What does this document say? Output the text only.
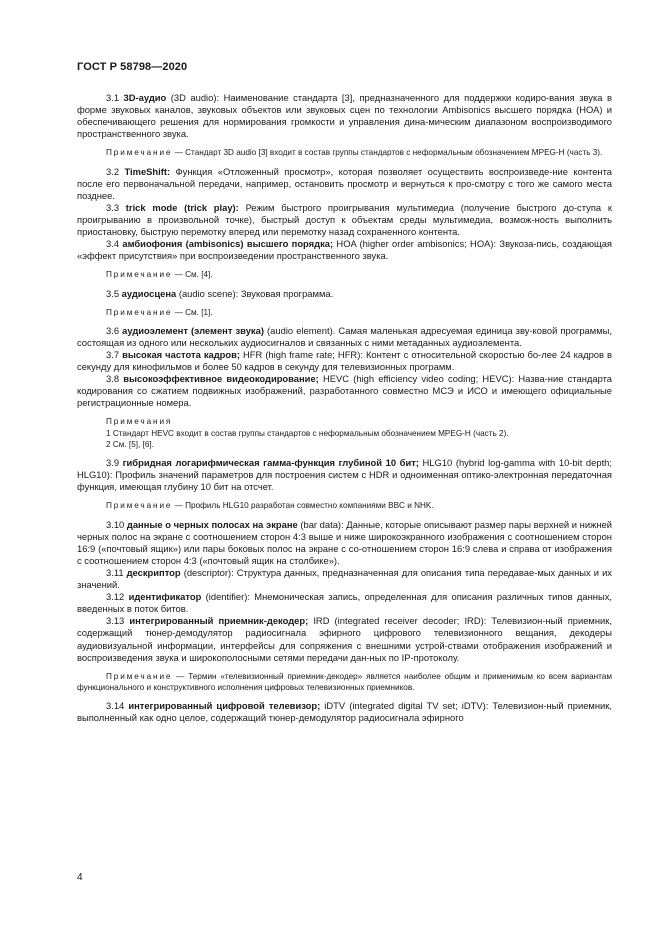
ГОСТ Р 58798—2020

3.1 3D-аудио (3D audio): Наименование стандарта [3], предназначенного для поддержки кодиро-вания звука в форме звуковых каналов, звуковых объектов или звуковых сцен по технологии Ambisonics высшего порядка (НОА) и обеспечивающего решения для нормирования громкости и управления дина-мическим диапазоном воспроизводимого пространственного звука.

Примечание — Стандарт 3D audio [3] входит в состав группы стандартов с неформальным обозначением MPEG-H (часть 3).

3.2 TimeShift: Функция «Отложенный просмотр», которая позволяет осуществить воспроизведе-ние контента после его первоначальной передачи, например, остановить просмотр и вернуться к про-смотру с того же самого места позднее.

3.3 trick mode (trick play): Режим быстрого проигрывания мультимедиа (получение быстрого до-ступа к проигрыванию в произвольной точке), быстрый доступ к объектам среды мультимедиа, возмож-ность выполнить приостановку, быструю перемотку вперед или перемотку назад сохраненного контента.

3.4 амбиофония (ambisonics) высшего порядка; HOA (higher order ambisonics; HOA): Звукоза-пись, создающая «эффект присутствия» при воспроизведении пространственного звука.

Примечание — См. [4].

3.5 аудиосцена (audio scene): Звуковая программа.

Примечание — См. [1].

3.6 аудиоэлемент (элемент звука) (audio element). Самая маленькая адресуемая единица зву-ковой программы, состоящая из одного или нескольких аудиосигналов и связанных с ними метаданных аудиоэлемента.

3.7 высокая частота кадров; HFR (high frame rate; HFR): Контент с относительной скоростью бо-лее 24 кадров в секунду для кинофильмов и более 50 кадров в секунду для телевизионных программ.

3.8 высокоэффективное видеокодирование; HEVC (high efficiency video coding; HEVC): Назва-ние стандарта кодирования со сжатием подвижных изображений, разработанного совместно МСЭ и ИСО и имеющего официальные регистрационные номера.

Примечания

1 Стандарт HEVC входит в состав группы стандартов с неформальным обозначением MPEG-H (часть 2).

2 См. [5], [6].

3.9 гибридная логарифмическая гамма-функция глубиной 10 бит; HLG10 (hybrid log-gamma with 10-bit depth; HLG10): Профиль значений параметров для построения систем с HDR и одноименная оптико-электронная передаточная функция, имеющая глубину 10 бит на отсчет.

Примечание — Профиль HLG10 разработан совместно компаниями BBC и NHK.

3.10 данные о черных полосах на экране (bar data): Данные, которые описывают размер пары верхней и нижней черных полос на экране с соотношением сторон 4:3 выше и ниже широкоэкранного изображения с соотношением сторон 16:9 («почтовый ящик») или пары боковых полос на экране с со-отношением сторон 16:9 слева и справа от изображения с соотношением сторон 4:3 («почтовый ящик на столбике»).

3.11 дескриптор (descriptor): Структура данных, предназначенная для описания типа передавае-мых данных и их значений.

3.12 идентификатор (identifier): Мнемоническая запись, определенная для описания различных типов данных, введенных в поток битов.

3.13 интегрированный приемник-декодер; IRD (integrated receiver decoder; IRD): Телевизион-ный приемник, содержащий тюнер-демодулятор радиосигнала эфирного цифрового телевизионного вещания, декодеры аудиовизуальной информации, интерфейсы для сопряжения с внешними устрой-ствами отображения изображений и воспроизведения звука и широкополосными сетями передачи дан-ных по IP-протоколу.

Примечание — Термин «телевизионный приемник-декодер» является наиболее общим и применимым ко всем вариантам функционального и конструктивного исполнения цифровых телевизионных приемников.

3.14 интегрированный цифровой телевизор; iDTV (integrated digital TV set; iDTV): Телевизион-ный приемник, выполненный как одно целое, содержащий тюнер-демодулятор радиосигнала эфирного

4
